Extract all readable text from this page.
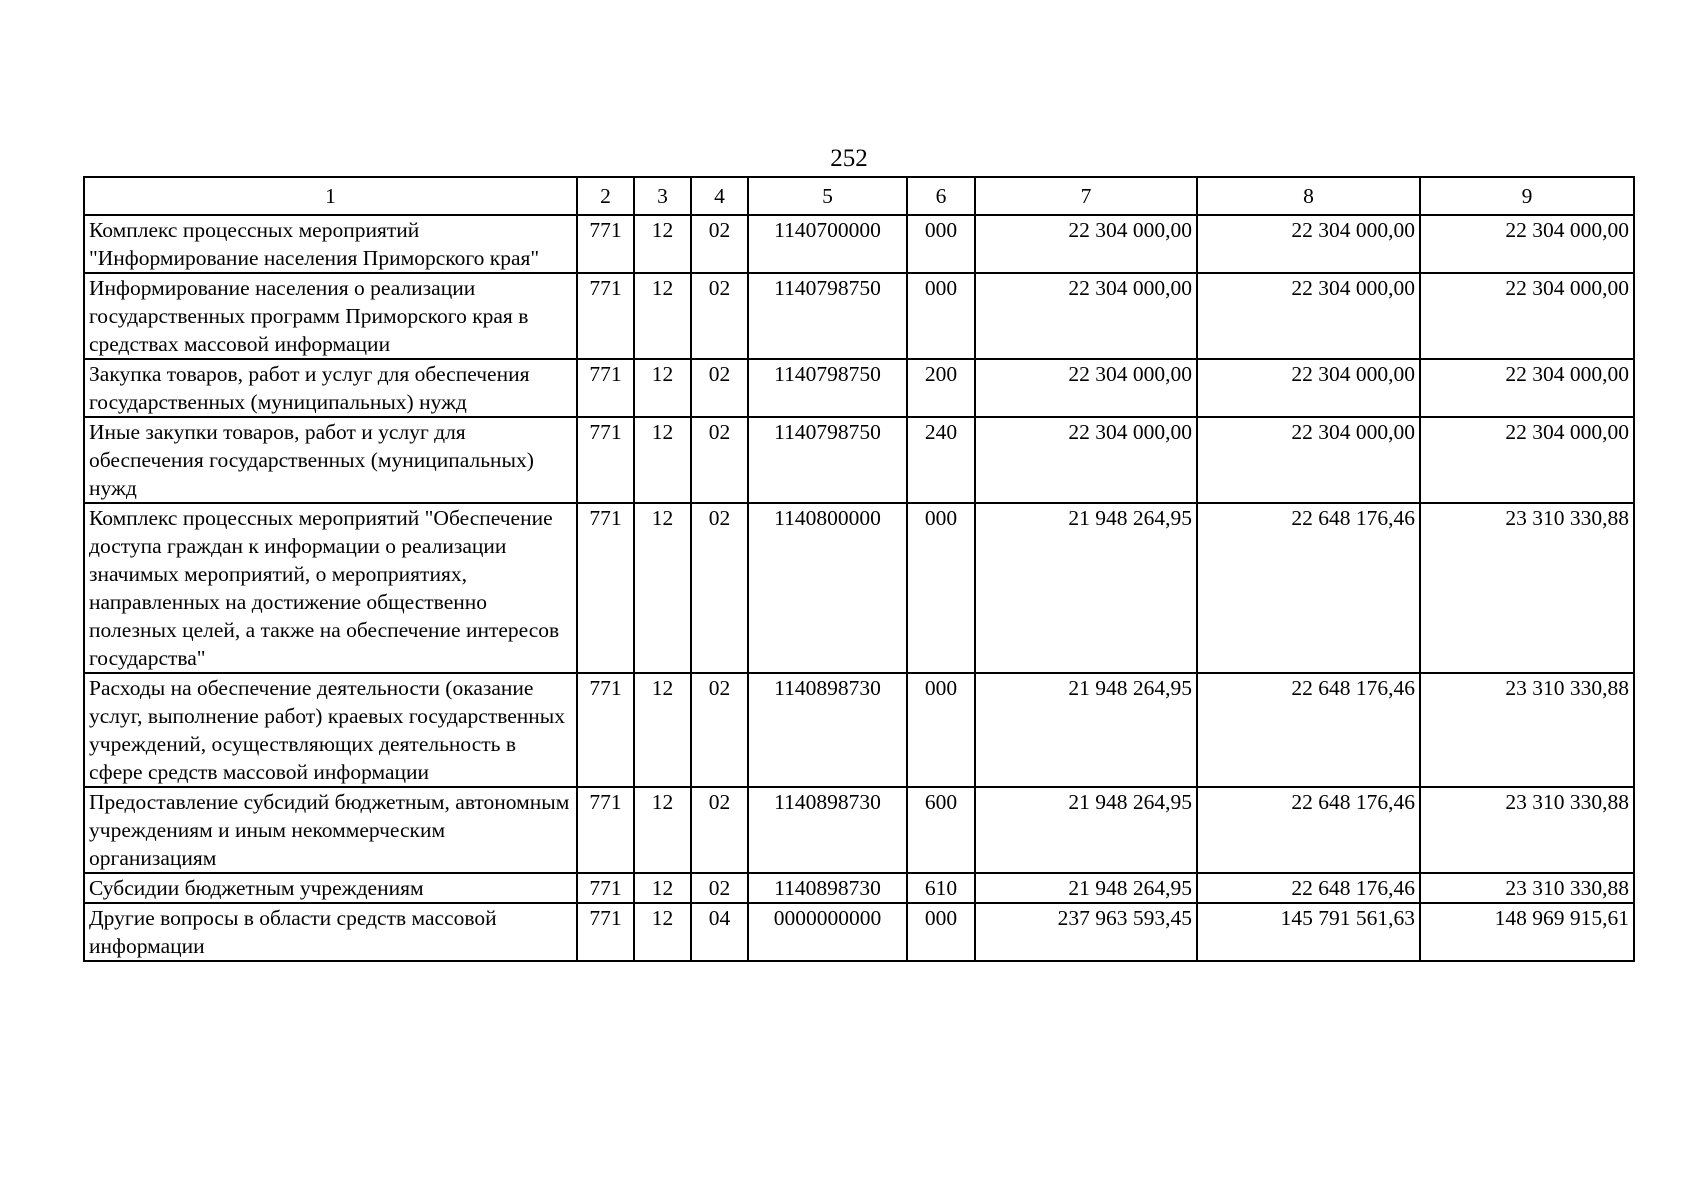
252
1	2	3	4	5	6	7	8	9
Комплекс процессных мероприятий "Информирование населения Приморского края"	771	12	02	1140700000	000	22 304 000,00	22 304 000,00	22 304 000,00
Информирование населения о реализации государственных программ Приморского края в средствах массовой информации	771	12	02	1140798750	000	22 304 000,00	22 304 000,00	22 304 000,00
Закупка товаров, работ и услуг для обеспечения государственных (муниципальных) нужд	771	12	02	1140798750	200	22 304 000,00	22 304 000,00	22 304 000,00
Иные закупки товаров, работ и услуг для обеспечения государственных (муниципальных) нужд	771	12	02	1140798750	240	22 304 000,00	22 304 000,00	22 304 000,00
Комплекс процессных мероприятий "Обеспечение доступа граждан к информации о реализации значимых мероприятий, о мероприятиях, направленных на достижение общественно полезных целей, а также на обеспечение интересов государства"	771	12	02	1140800000	000	21 948 264,95	22 648 176,46	23 310 330,88
Расходы на обеспечение деятельности (оказание услуг, выполнение работ) краевых государственных учреждений, осуществляющих деятельность в сфере средств массовой информации	771	12	02	1140898730	000	21 948 264,95	22 648 176,46	23 310 330,88
Предоставление субсидий бюджетным, автономным учреждениям и иным некоммерческим организациям	771	12	02	1140898730	600	21 948 264,95	22 648 176,46	23 310 330,88
Субсидии бюджетным учреждениям	771	12	02	1140898730	610	21 948 264,95	22 648 176,46	23 310 330,88
Другие вопросы в области средств массовой информации	771	12	04	0000000000	000	237 963 593,45	145 791 561,63	148 969 915,61
